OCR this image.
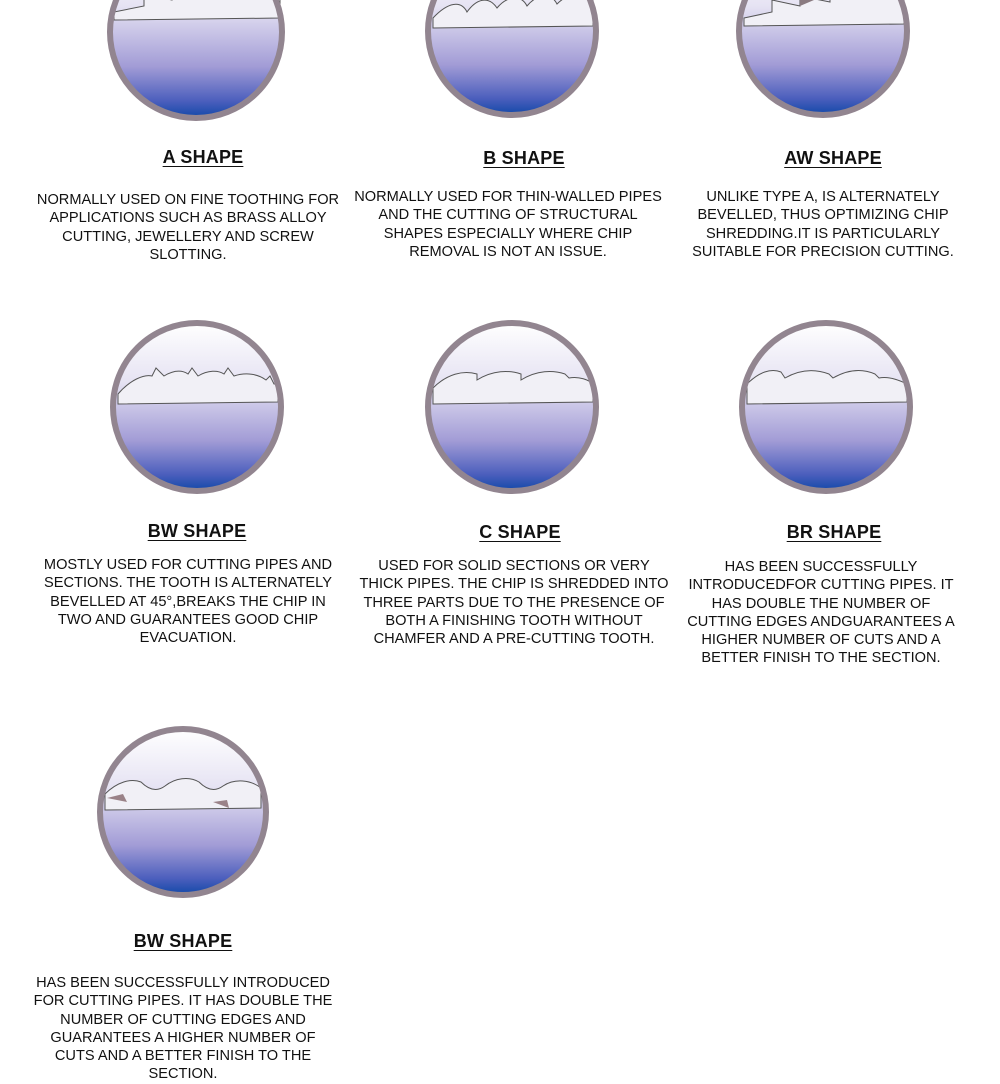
A SHAPE
NORMALLY USED ON FINE TOOTHING FOR APPLICATIONS SUCH AS BRASS ALLOY CUTTING, JEWELLERY AND SCREW SLOTTING.
B SHAPE
NORMALLY USED FOR THIN-WALLED PIPES AND THE CUTTING OF STRUCTURAL SHAPES ESPECIALLY WHERE CHIP REMOVAL IS NOT AN ISSUE.
AW SHAPE
UNLIKE TYPE A, IS ALTERNATELY BEVELLED, THUS OPTIMIZING CHIP SHREDDING.IT IS PARTICULARLY SUITABLE FOR PRECISION CUTTING.
BW SHAPE
MOSTLY USED FOR CUTTING PIPES AND SECTIONS. THE TOOTH IS ALTERNATELY BEVELLED AT 45°,BREAKS THE CHIP IN TWO AND GUARANTEES GOOD CHIP EVACUATION.
C SHAPE
USED FOR SOLID SECTIONS OR VERY THICK PIPES. THE CHIP IS SHREDDED INTO THREE PARTS DUE TO THE PRESENCE OF BOTH A FINISHING TOOTH WITHOUT CHAMFER AND A PRE-CUTTING TOOTH.
BR SHAPE
HAS BEEN SUCCESSFULLY INTRODUCEDFOR CUTTING PIPES. IT HAS DOUBLE THE NUMBER OF CUTTING EDGES ANDGUARANTEES A HIGHER NUMBER OF CUTS AND A BETTER FINISH TO THE SECTION.
BW SHAPE
HAS BEEN SUCCESSFULLY INTRODUCED FOR CUTTING PIPES. IT HAS DOUBLE THE NUMBER OF CUTTING EDGES AND GUARANTEES A HIGHER NUMBER OF CUTS AND A BETTER FINISH TO THE SECTION.
